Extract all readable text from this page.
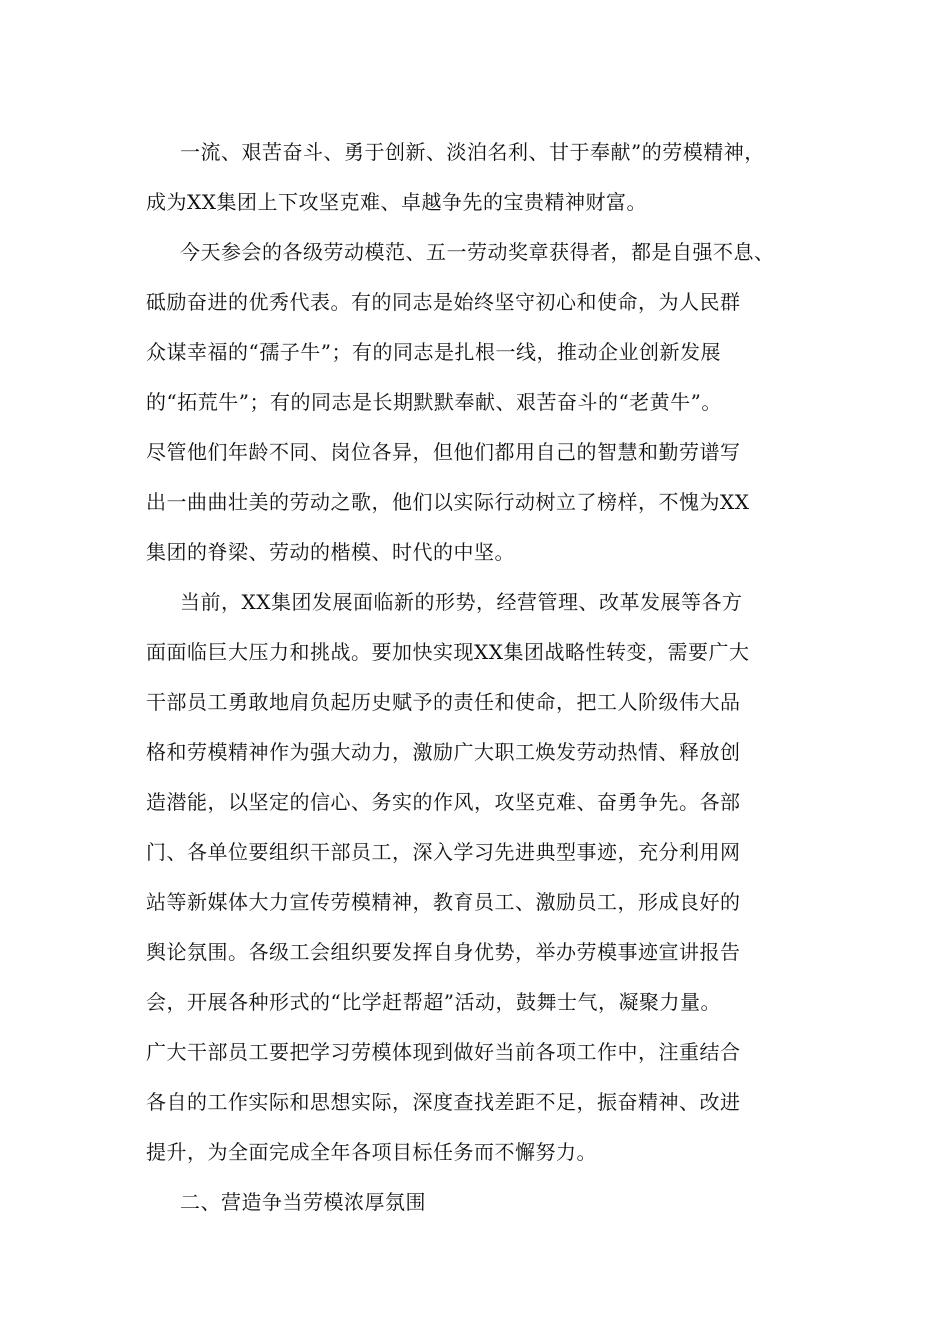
一流、艰苦奋斗、勇于创新、淡泊名利、甘于奉献”的劳模精神，
成为XX集团上下攻坚克难、卓越争先的宝贵精神财富。
今天参会的各级劳动模范、五一劳动奖章获得者，都是自强不息、
砥励奋进的优秀代表。有的同志是始终坚守初心和使命，为人民群
众谋幸福的“孺子牛”；有的同志是扎根一线，推动企业创新发展
的“拓荒牛”；有的同志是长期默默奉献、艰苦奋斗的“老黄牛”。
尽管他们年龄不同、岗位各异，但他们都用自己的智慧和勤劳谱写
出一曲曲壮美的劳动之歌，他们以实际行动树立了榜样，不愧为XX
集团的脊梁、劳动的楷模、时代的中坚。
当前，XX集团发展面临新的形势，经营管理、改革发展等各方
面面临巨大压力和挑战。要加快实现XX集团战略性转变，需要广大
干部员工勇敢地肩负起历史赋予的责任和使命，把工人阶级伟大品
格和劳模精神作为强大动力，激励广大职工焕发劳动热情、释放创
造潜能，以坚定的信心、务实的作风，攻坚克难、奋勇争先。各部
门、各单位要组织干部员工，深入学习先进典型事迹，充分利用网
站等新媒体大力宣传劳模精神，教育员工、激励员工，形成良好的
舆论氛围。各级工会组织要发挥自身优势，举办劳模事迹宣讲报告
会，开展各种形式的“比学赶帮超”活动，鼓舞士气，凝聚力量。
广大干部员工要把学习劳模体现到做好当前各项工作中，注重结合
各自的工作实际和思想实际，深度查找差距不足，振奋精神、改进
提升，为全面完成全年各项目标任务而不懈努力。
二、营造争当劳模浓厚氛围
